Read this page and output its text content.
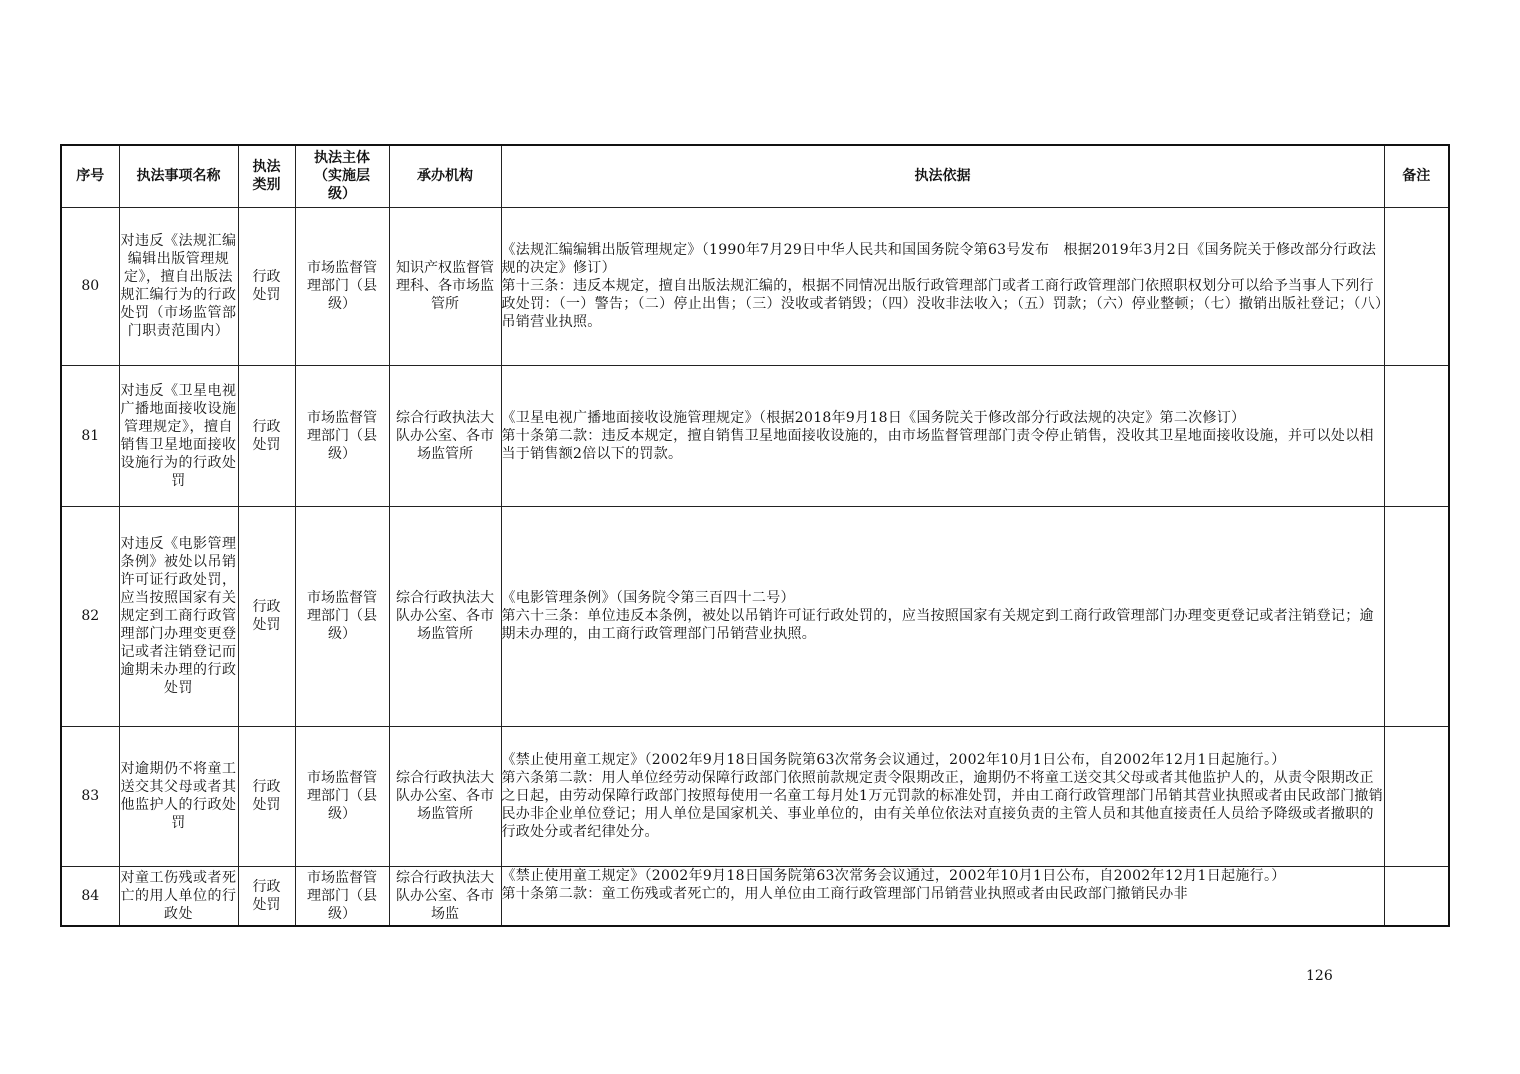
序号	执法事项名称	执法类别	执法主体（实施层级）	承办机构	执法依据	备注
80	对违反《法规汇编编辑出版管理规定》，擅自出版法规汇编行为的行政处罚（市场监管部门职责范围内）	行政处罚	市场监督管理部门（县级）	知识产权监督管理科、各市场监管所	《法规汇编编辑出版管理规定》（1990年7月29日中华人民共和国国务院令第63号发布　根据2019年3月2日《国务院关于修改部分行政法规的决定》修订）
第十三条：违反本规定，擅自出版法规汇编的，根据不同情况出版行政管理部门或者工商行政管理部门依照职权划分可以给予当事人下列行政处罚：（一）警告；（二）停止出售；（三）没收或者销毁；（四）没收非法收入；（五）罚款；（六）停业整顿；（七）撤销出版社登记；（八）吊销营业执照。	
81	对违反《卫星电视广播地面接收设施管理规定》，擅自销售卫星地面接收设施行为的行政处罚	行政处罚	市场监督管理部门（县级）	综合行政执法大队办公室、各市场监管所	《卫星电视广播地面接收设施管理规定》（根据2018年9月18日《国务院关于修改部分行政法规的决定》第二次修订）
第十条第二款：违反本规定，擅自销售卫星地面接收设施的，由市场监督管理部门责令停止销售，没收其卫星地面接收设施，并可以处以相当于销售额2倍以下的罚款。	
82	对违反《电影管理条例》被处以吊销许可证行政处罚，应当按照国家有关规定到工商行政管理部门办理变更登记或者注销登记而逾期未办理的行政处罚	行政处罚	市场监督管理部门（县级）	综合行政执法大队办公室、各市场监管所	《电影管理条例》（国务院令第三百四十二号）
第六十三条：单位违反本条例，被处以吊销许可证行政处罚的，应当按照国家有关规定到工商行政管理部门办理变更登记或者注销登记；逾期未办理的，由工商行政管理部门吊销营业执照。	
83	对逾期仍不将童工送交其父母或者其他监护人的行政处罚	行政处罚	市场监督管理部门（县级）	综合行政执法大队办公室、各市场监管所	《禁止使用童工规定》（2002年9月18日国务院第63次常务会议通过，2002年10月1日公布，自2002年12月1日起施行。）
第六条第二款：用人单位经劳动保障行政部门依照前款规定责令限期改正，逾期仍不将童工送交其父母或者其他监护人的，从责令限期改正之日起，由劳动保障行政部门按照每使用一名童工每月处1万元罚款的标准处罚，并由工商行政管理部门吊销其营业执照或者由民政部门撤销民办非企业单位登记；用人单位是国家机关、事业单位的，由有关单位依法对直接负责的主管人员和其他直接责任人员给予降级或者撤职的行政处分或者纪律处分。	
84	对童工伤残或者死亡的用人单位的行政处	行政处罚	市场监督管理部门（县级）	综合行政执法大队办公室、各市场监	《禁止使用童工规定》（2002年9月18日国务院第63次常务会议通过，2002年10月1日公布，自2002年12月1日起施行。）
第十条第二款：童工伤残或者死亡的，用人单位由工商行政管理部门吊销营业执照或者由民政部门撤销民办非	
126
